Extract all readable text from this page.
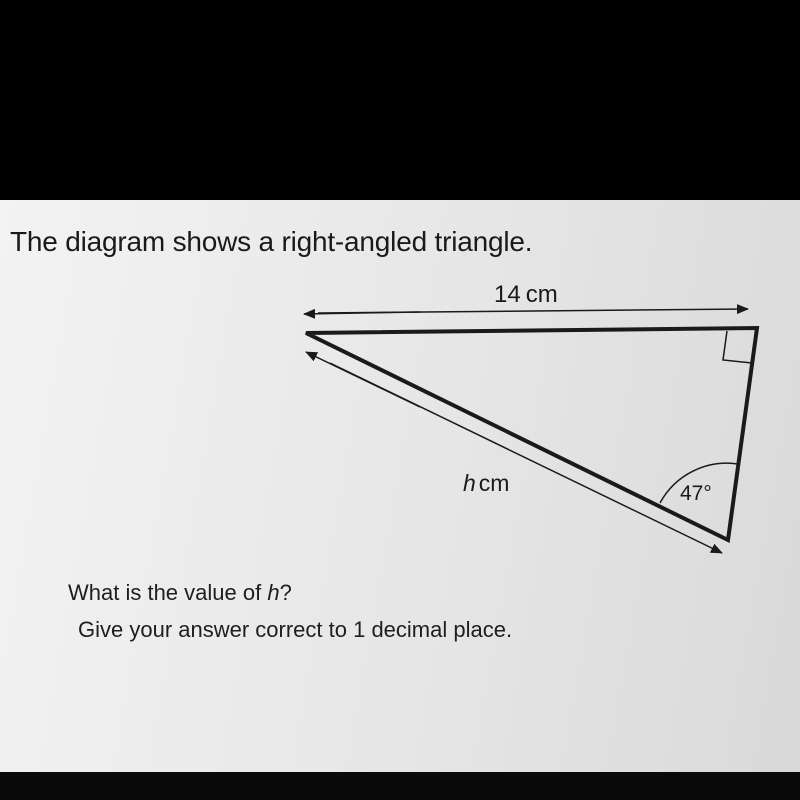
The diagram shows a right-angled triangle.
14 cm
h cm	47°
What is the value of h?
Give your answer correct to 1 decimal place.
